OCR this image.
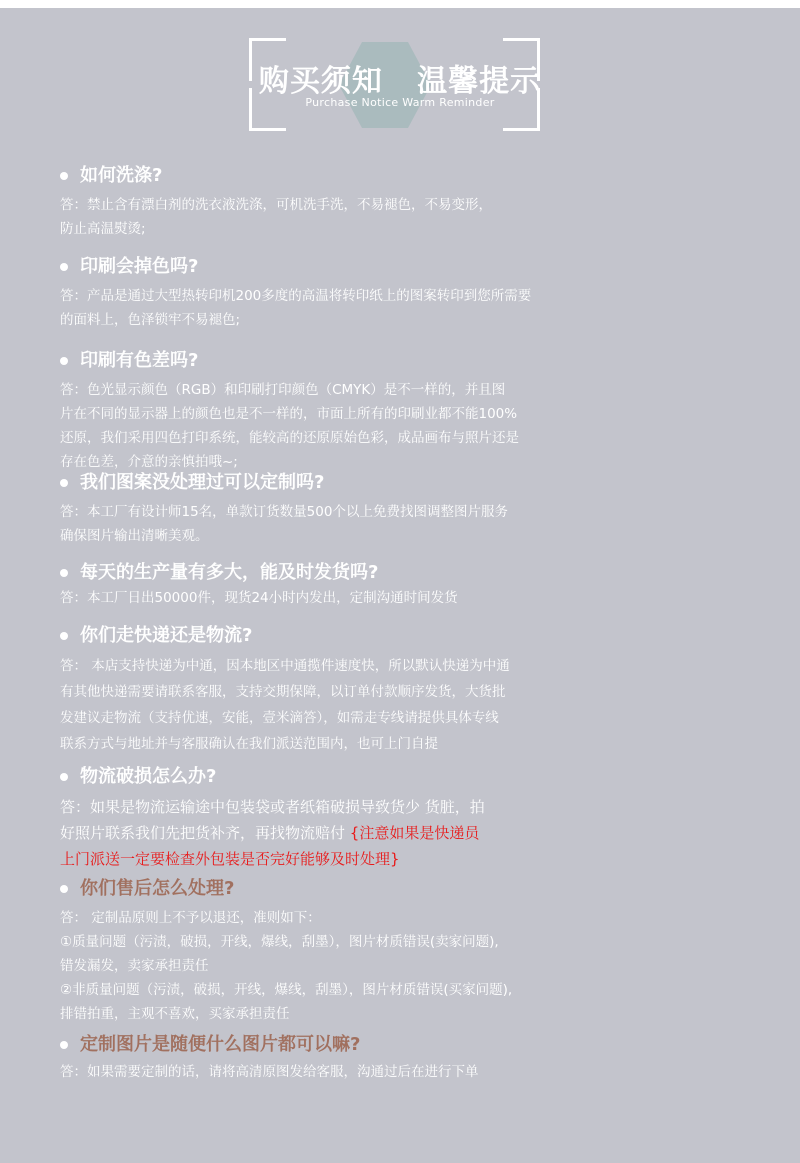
购买须知   温馨提示
Purchase Notice Warm Reminder
如何洗涤?
答：禁止含有漂白剂的洗衣液洗涤，可机洗手洗，不易褪色，不易变形，
防止高温熨烫;
印刷会掉色吗?
答：产品是通过大型热转印机200多度的高温将转印纸上的图案转印到您所需要
的面料上，色泽锁牢不易褪色;
印刷有色差吗?
答：色光显示颜色（RGB）和印刷打印颜色（CMYK）是不一样的，并且图
片在不同的显示器上的颜色也是不一样的，市面上所有的印刷业都不能100%
还原，我们采用四色打印系统，能较高的还原原始色彩，成品画布与照片还是
存在色差，介意的亲慎拍哦~;
我们图案没处理过可以定制吗?
答：本工厂有设计师15名，单款订货数量500个以上免费找图调整图片服务
确保图片输出清晰美观。
每天的生产量有多大，能及时发货吗?
答：本工厂日出50000件，现货24小时内发出，定制沟通时间发货
你们走快递还是物流?
答： 本店支持快递为中通，因本地区中通揽件速度快，所以默认快递为中通
有其他快递需要请联系客服，支持交期保障，以订单付款顺序发货，大货批
发建议走物流（支持优速，安能，壹米滴答），如需走专线请提供具体专线
联系方式与地址并与客服确认在我们派送范围内，也可上门自提
物流破损怎么办?
答：如果是物流运输途中包装袋或者纸箱破损导致货少 货脏，拍
好照片联系我们先把货补齐，再找物流赔付 {注意如果是快递员
上门派送一定要检查外包装是否完好能够及时处理}
你们售后怎么处理?
答： 定制品原则上不予以退还，准则如下：
①质量问题（污渍，破损，开线，爆线，刮墨），图片材质错误(卖家问题),
错发漏发，卖家承担责任
②非质量问题（污渍，破损，开线，爆线，刮墨），图片材质错误(买家问题),
排错拍重，主观不喜欢，买家承担责任
定制图片是随便什么图片都可以嘛?
答：如果需要定制的话，请将高清原图发给客服，沟通过后在进行下单
